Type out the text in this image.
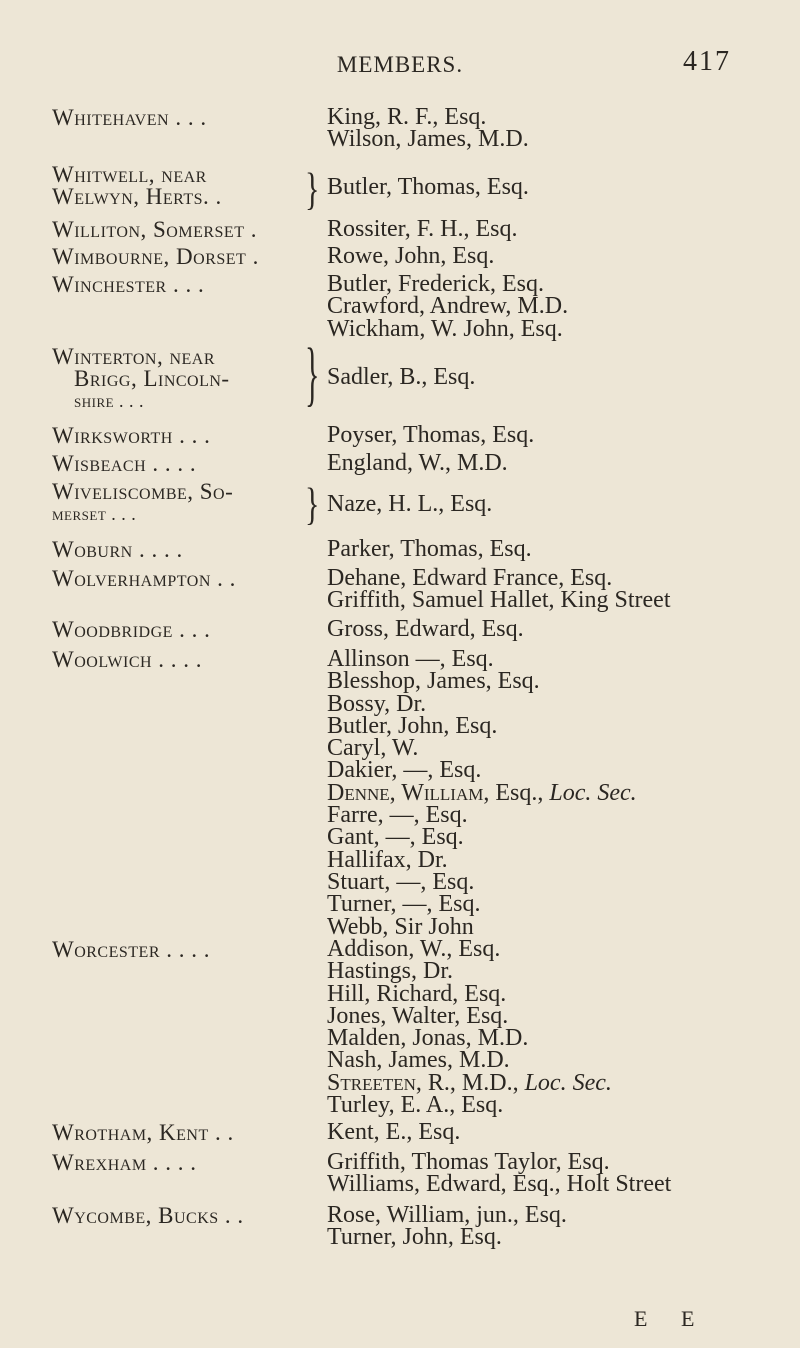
MEMBERS.	417
Whitehaven . . .	King, R. F., Esq.
Wilson, James, M.D.
Whitwell, near
Welwyn, Herts. .	} Butler, Thomas, Esq.
Williton, Somerset .	Rossiter, F. H., Esq.
Wimbourne, Dorset .	Rowe, John, Esq.
Winchester . . .	Butler, Frederick, Esq.
Crawford, Andrew, M.D.
Wickham, W. John, Esq.
Winterton, near
Brigg, Lincoln-
shire . . .	} Sadler, B., Esq.
Wirksworth . . .	Poyser, Thomas, Esq.
Wisbeach . . . .	England, W., M.D.
Wiveliscombe, So-
merset . . .	} Naze, H. L., Esq.
Woburn . . . .	Parker, Thomas, Esq.
Wolverhampton . .	Dehane, Edward France, Esq.
Griffith, Samuel Hallet, King Street
Woodbridge . . .	Gross, Edward, Esq.
Woolwich . . . .	Allinson —, Esq.
Blesshop, James, Esq.
Bossy, Dr.
Butler, John, Esq.
Caryl, W.
Dakier, —, Esq.
Denne, William, Esq., Loc. Sec.
Farre, —, Esq.
Gant, —, Esq.
Hallifax, Dr.
Stuart, —, Esq.
Turner, —, Esq.
Webb, Sir John
Worcester . . . .	Addison, W., Esq.
Hastings, Dr.
Hill, Richard, Esq.
Jones, Walter, Esq.
Malden, Jonas, M.D.
Nash, James, M.D.
Streeten, R., M.D., Loc. Sec.
Turley, E. A., Esq.
Wrotham, Kent . .	Kent, E., Esq.
Wrexham . . . .	Griffith, Thomas Taylor, Esq.
Williams, Edward, Esq., Holt Street
Wycombe, Bucks . .	Rose, William, jun., Esq.
Turner, John, Esq.
E E
